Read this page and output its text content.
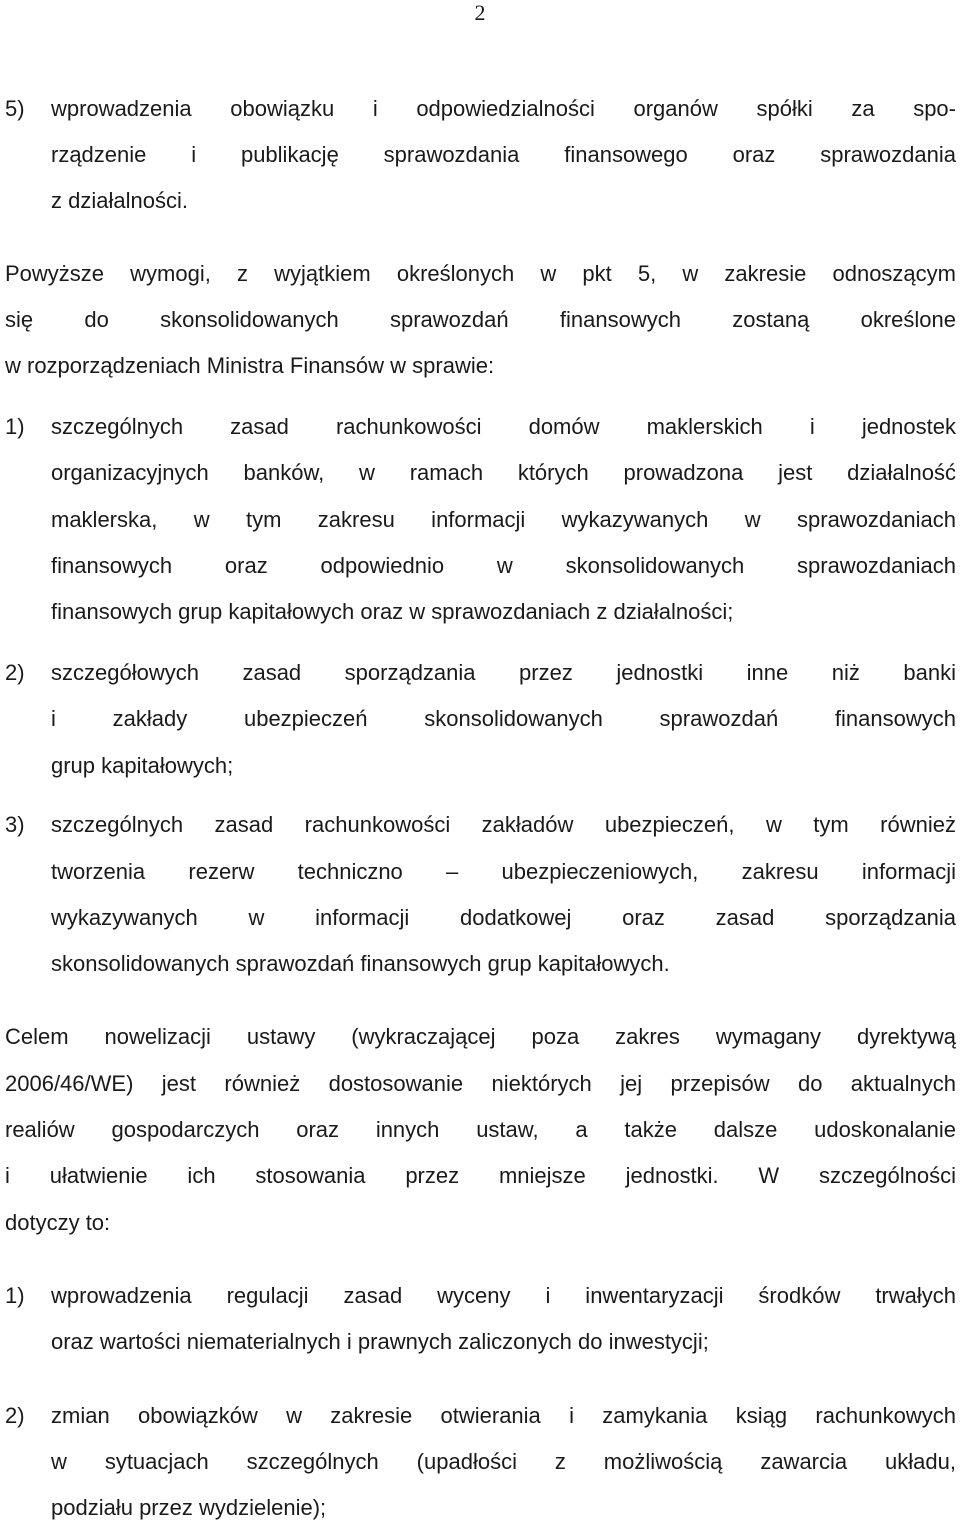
2
5) wprowadzenia obowiązku i odpowiedzialności organów spółki za spo-
rządzenie i publikację sprawozdania finansowego oraz sprawozdania
z działalności.
Powyższe wymogi, z wyjątkiem określonych w pkt 5, w zakresie odnoszącym
się do skonsolidowanych sprawozdań finansowych zostaną określone
w rozporządzeniach Ministra Finansów w sprawie:
1) szczególnych zasad rachunkowości domów maklerskich i jednostek
organizacyjnych banków, w ramach których prowadzona jest działalność
maklerska, w tym zakresu informacji wykazywanych w sprawozdaniach
finansowych oraz odpowiednio w skonsolidowanych sprawozdaniach
finansowych grup kapitałowych oraz w sprawozdaniach z działalności;
2) szczegółowych zasad sporządzania przez jednostki inne niż banki
i zakłady ubezpieczeń skonsolidowanych sprawozdań finansowych
grup kapitałowych;
3) szczególnych zasad rachunkowości zakładów ubezpieczeń, w tym również
tworzenia rezerw techniczno – ubezpieczeniowych, zakresu informacji
wykazywanych w informacji dodatkowej oraz zasad sporządzania
skonsolidowanych sprawozdań finansowych grup kapitałowych.
Celem nowelizacji ustawy (wykraczającej poza zakres wymagany dyrektywą
2006/46/WE) jest również dostosowanie niektórych jej przepisów do aktualnych
realiów gospodarczych oraz innych ustaw, a także dalsze udoskonalanie
i ułatwienie ich stosowania przez mniejsze jednostki. W szczególności
dotyczy to:
1) wprowadzenia regulacji zasad wyceny i inwentaryzacji środków trwałych
oraz wartości niematerialnych i prawnych zaliczonych do inwestycji;
2) zmian obowiązków w zakresie otwierania i zamykania ksiąg rachunkowych
w sytuacjach szczególnych (upadłości z możliwością zawarcia układu,
podziału przez wydzielenie);
